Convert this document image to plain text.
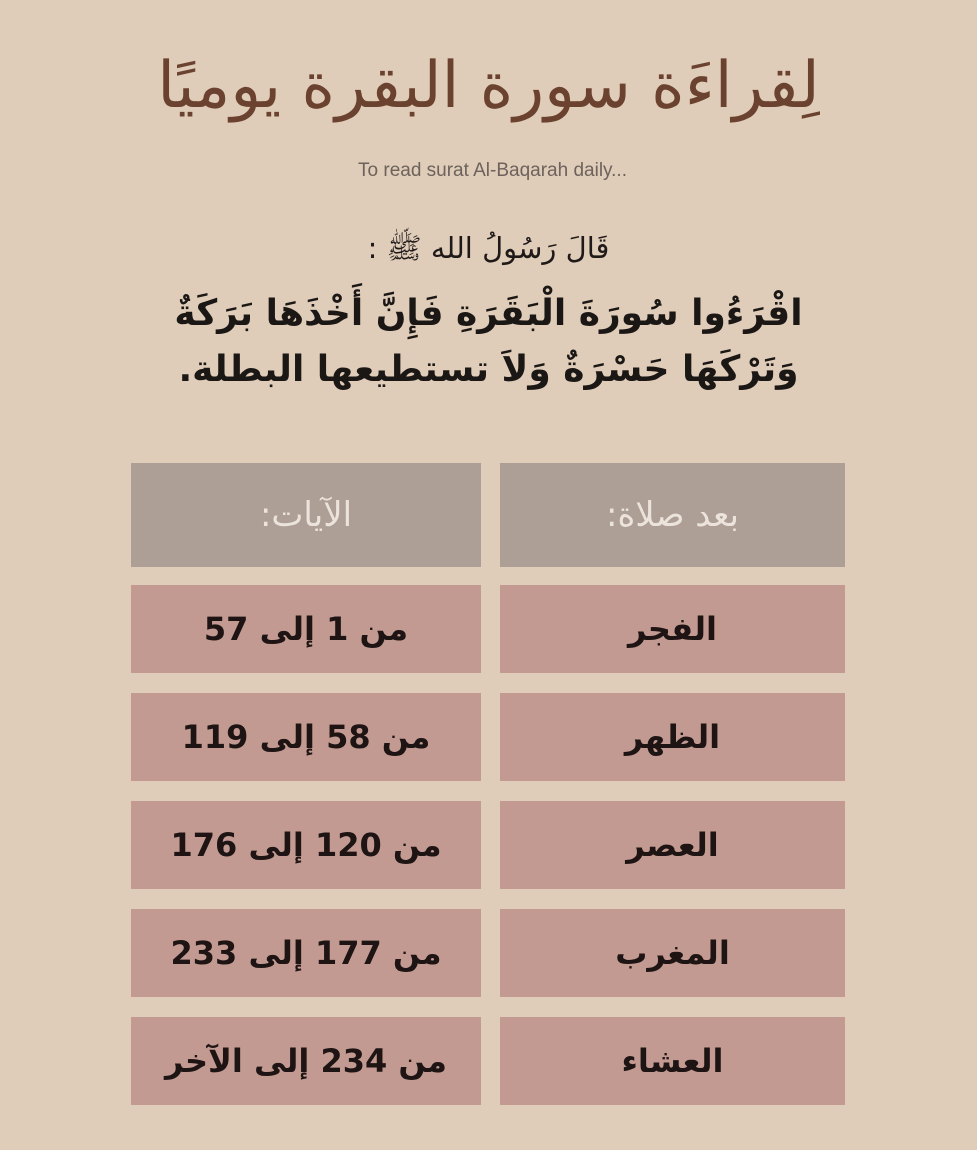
لِقراءَة سورة البقرة يوميًا
To read surat Al-Baqarah daily...
قَالَ رَسُولُ الله ﷺ :
اقْرَءُوا سُورَةَ الْبَقَرَةِ فَإِنَّ أَخْذَهَا بَرَكَةٌ
وَتَرْكَهَا حَسْرَةٌ وَلاَ تستطيعها البطلة.
بعد صلاة:
الآيات:
الفجر
من 1 إلى 57
الظهر
من 58 إلى 119
العصر
من 120 إلى 176
المغرب
من 177 إلى 233
العشاء
من 234 إلى الآخر
